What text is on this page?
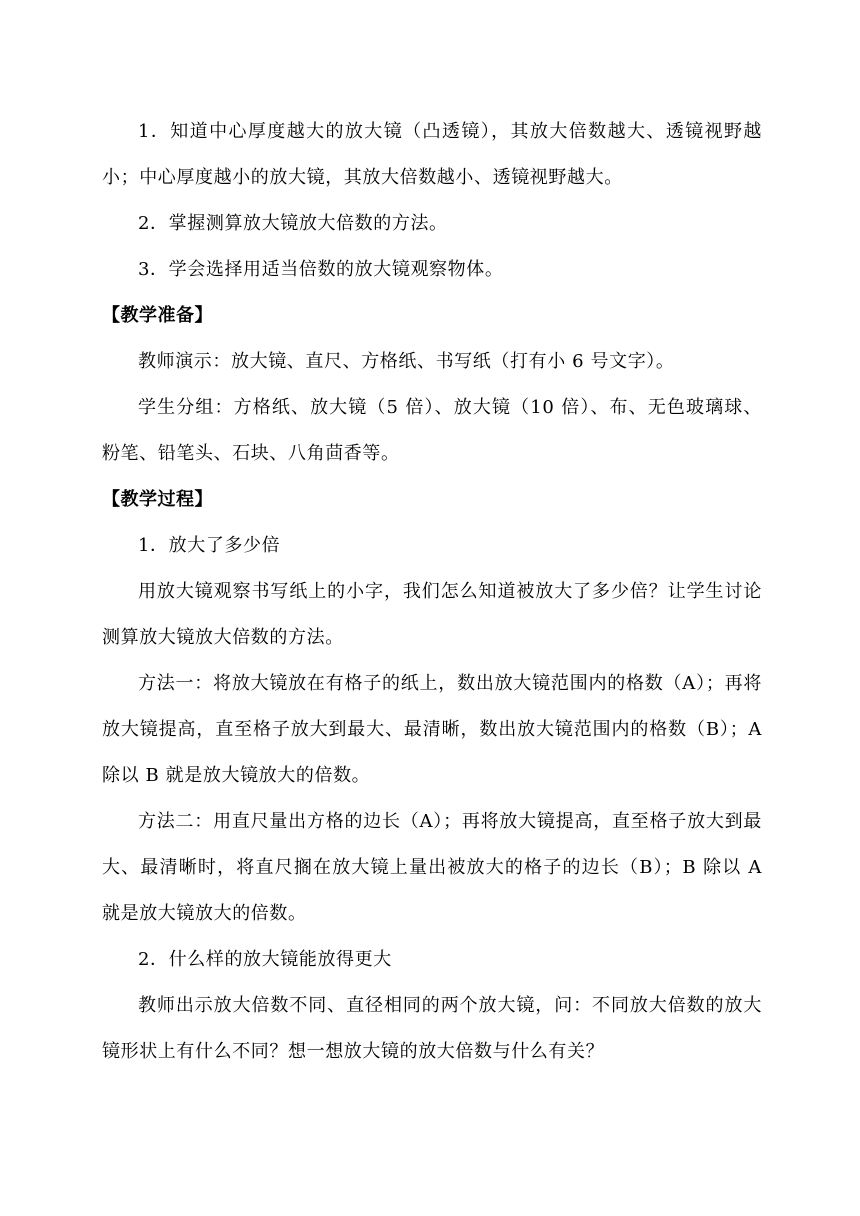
1．知道中心厚度越大的放大镜（凸透镜），其放大倍数越大、透镜视野越小；中心厚度越小的放大镜，其放大倍数越小、透镜视野越大。

2．掌握测算放大镜放大倍数的方法。

3．学会选择用适当倍数的放大镜观察物体。

【教学准备】

教师演示：放大镜、直尺、方格纸、书写纸（打有小 6 号文字）。

学生分组：方格纸、放大镜（5 倍）、放大镜（10 倍）、布、无色玻璃球、粉笔、铅笔头、石块、八角茴香等。

【教学过程】

1．放大了多少倍

用放大镜观察书写纸上的小字，我们怎么知道被放大了多少倍？让学生讨论测算放大镜放大倍数的方法。

方法一：将放大镜放在有格子的纸上，数出放大镜范围内的格数（A）；再将放大镜提高，直至格子放大到最大、最清晰，数出放大镜范围内的格数（B）；A 除以 B 就是放大镜放大的倍数。

方法二：用直尺量出方格的边长（A）；再将放大镜提高，直至格子放大到最大、最清晰时，将直尺搁在放大镜上量出被放大的格子的边长（B）；B 除以 A 就是放大镜放大的倍数。

2．什么样的放大镜能放得更大

教师出示放大倍数不同、直径相同的两个放大镜，问：不同放大倍数的放大镜形状上有什么不同？想一想放大镜的放大倍数与什么有关？
